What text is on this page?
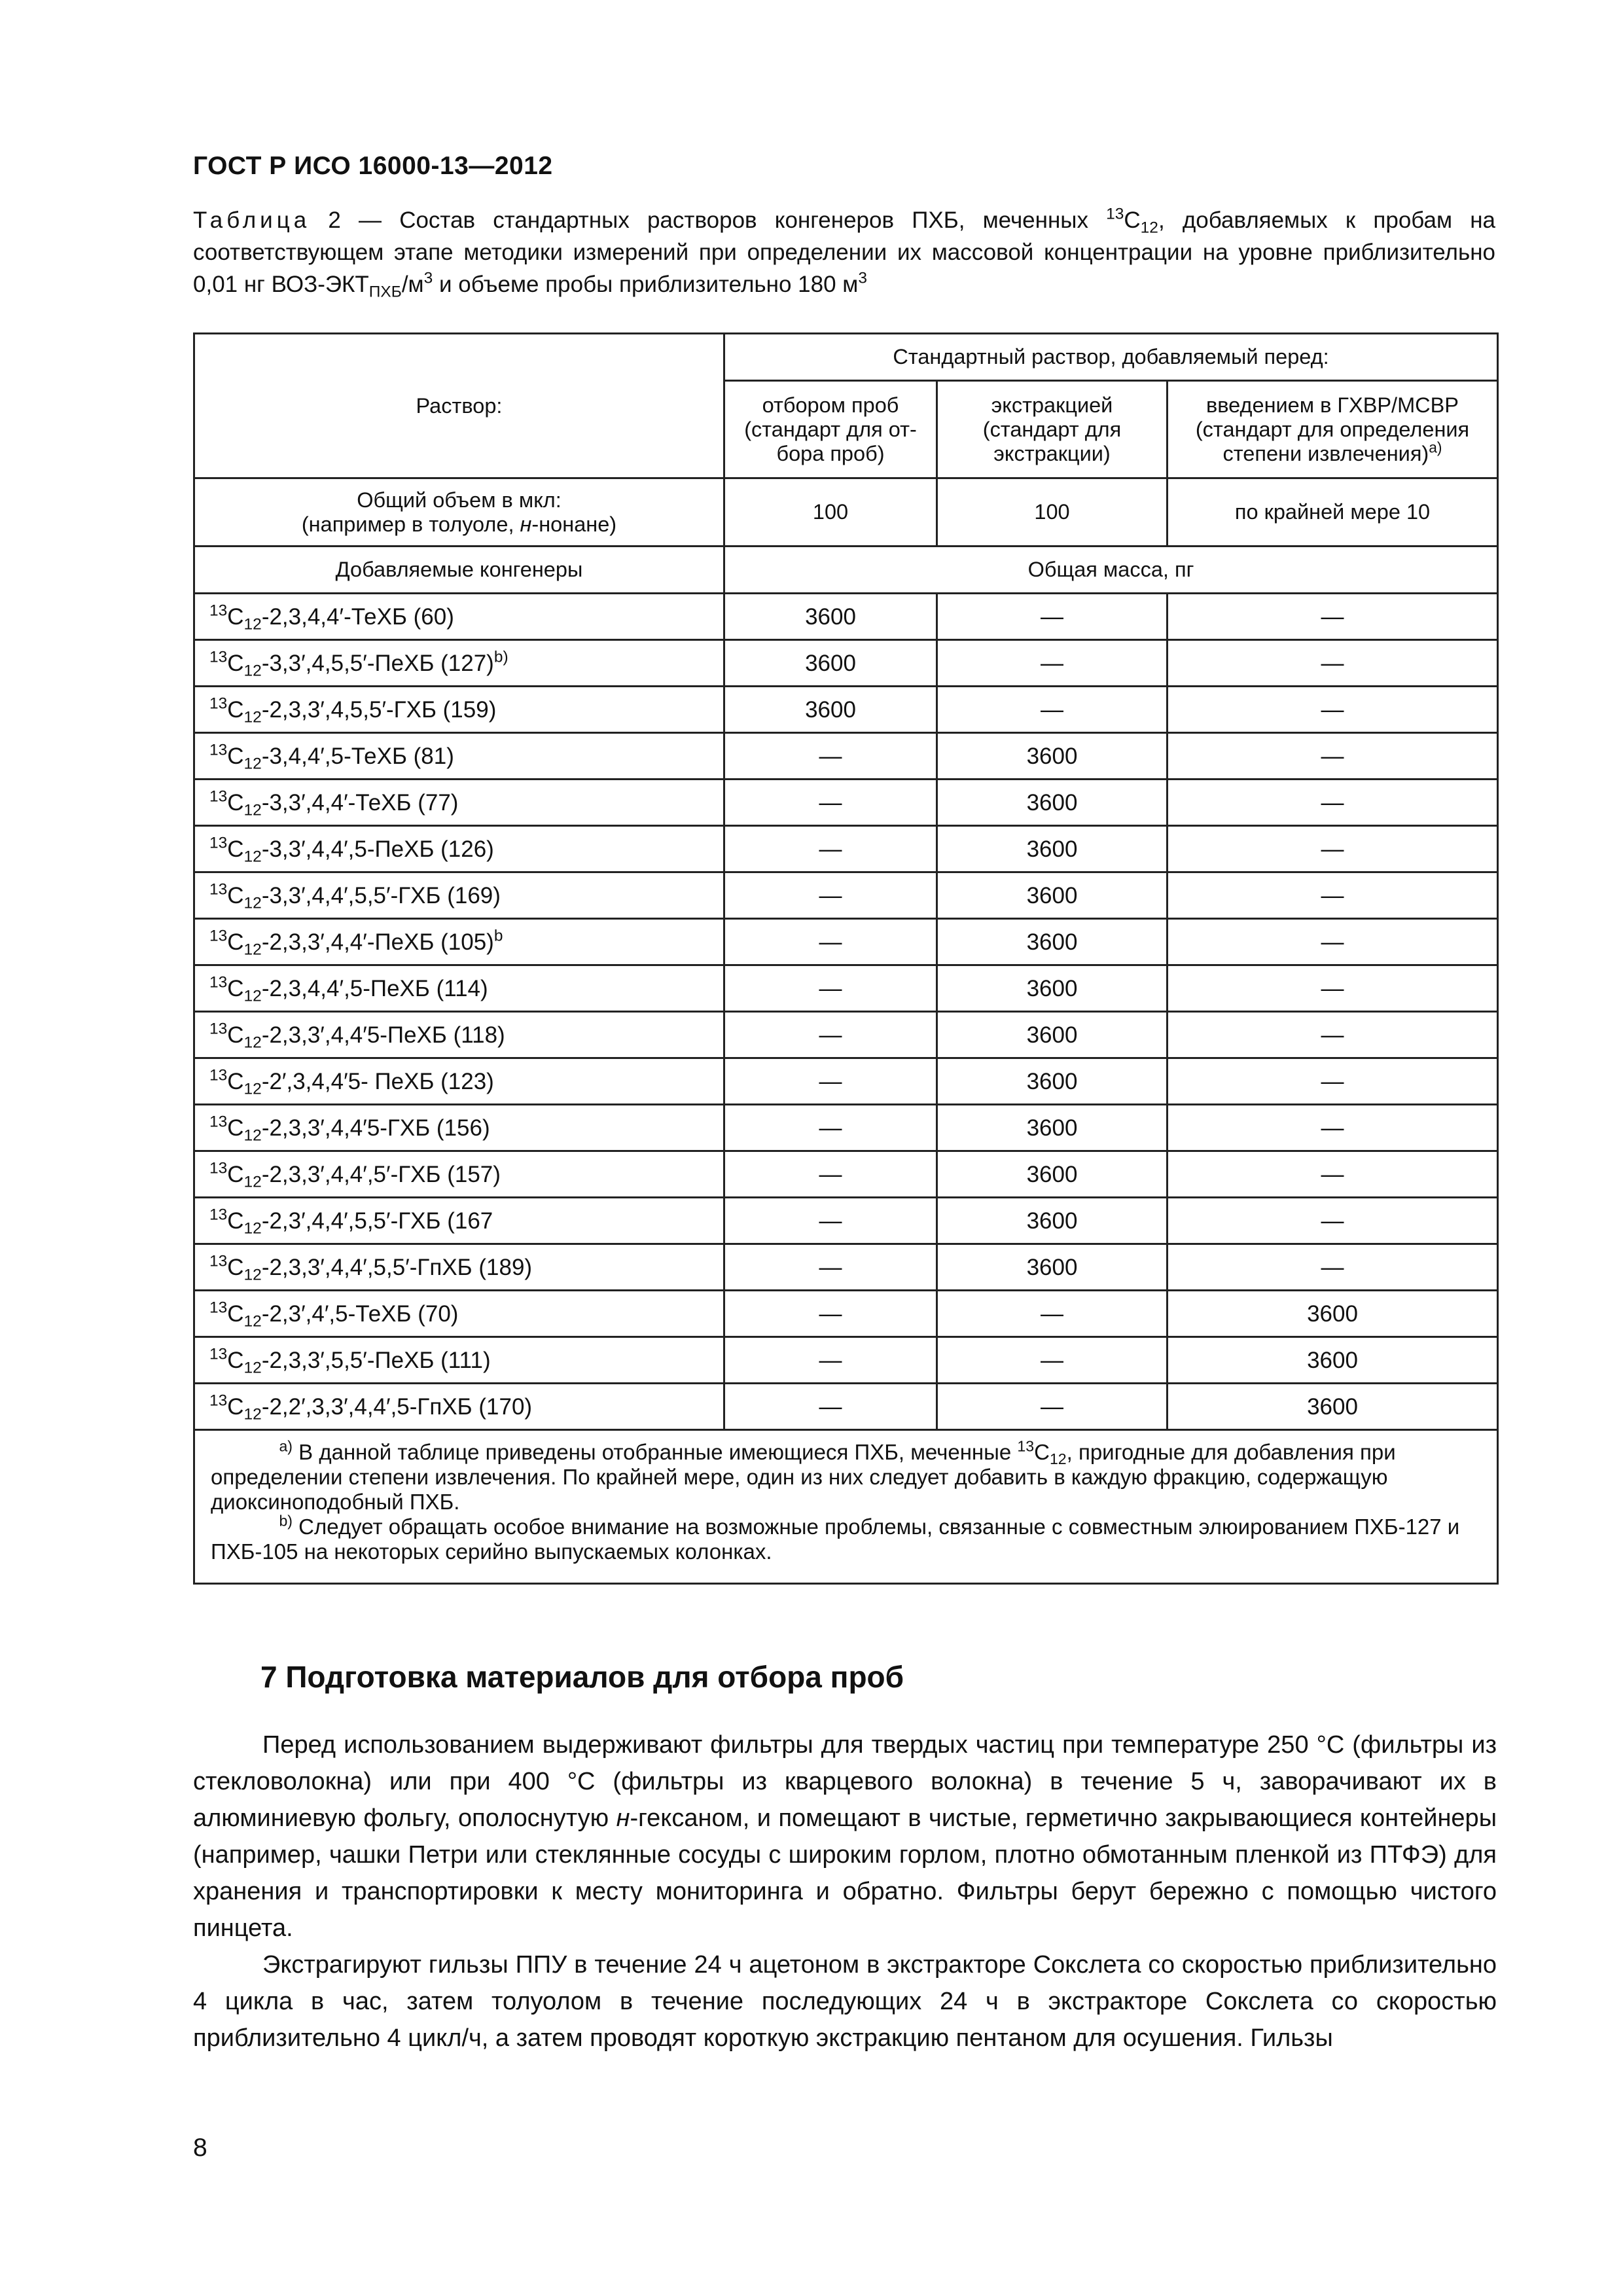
ГОСТ Р ИСО 16000-13—2012
Таблица 2 — Состав стандартных растворов конгенеров ПХБ, меченных $^{13}C_{12}$, добавляемых к пробам на соответствующем этапе методики измерений при определении их массовой концентрации на уровне приблизительно 0,01 нг ВОЗ-$ЭКТ_{ПХБ}/м^3$ и объеме пробы приблизительно 180 $м^3$
Раствор:	Стандартный раствор, добавляемый перед:		
	отбором проб (стандарт для от-бора проб)	экстракцией (стандарт для экстракции)	введением в ГХВР/МСВР (стандарт для определения степени извлечения)$^{a)}$
Общий объем в мкл:
(например в толуоле, н-нонане)	100	100	по крайней мере 10
Добавляемые конгенеры	Общая масса, пг		
$^{13}C_{12}-2,3,4,4'$-ТеХБ (60)	3600	—	—
$^{13}C_{12}-3,3',4,5,5'$-ПеХБ $(127)^{b)}$	3600	—	—
$^{13}C_{12}-2,3,3',4,5,5'$-ГХБ (159)	3600	—	—
$^{13}C_{12}-3,4,4',5$-ТеХБ (81)	—	3600	—
$^{13}C_{12}-3,3',4,4'$-ТеХБ (77)	—	3600	—
$^{13}C_{12}-3,3',4,4',5$-ПеХБ (126)	—	3600	—
$^{13}C_{12}-3,3',4,4',5,5'$-ГХБ (169)	—	3600	—
$^{13}C_{12}-2,3,3',4,4'$-ПеХБ $(105)^b$	—	3600	—
$^{13}C_{12}-2,3,4,4',5$-ПеХБ (114)	—	3600	—
$^{13}C_{12}-2,3,3',4,4'5$-ПеХБ (118)	—	3600	—
$^{13}C_{12}-2',3,4,4'5-$ ПеХБ (123)	—	3600	—
$^{13}C_{12}-2,3,3',4,4'5$-ГХБ (156)	—	3600	—
$^{13}C_{12}-2,3,3',4,4',5'$-ГХБ (157)	—	3600	—
$^{13}C_{12}-2,3',4,4',5,5'$-ГХБ (167	—	3600	—
$^{13}C_{12}-2,3,3',4,4',5,5'$-ГпХБ (189)	—	3600	—
$^{13}C_{12}-2,3',4',5$-ТеХБ (70)	—	—	3600
$^{13}C_{12}-2,3,3',5,5'$-ПеХБ (111)	—	—	3600
$^{13}C_{12}-2,2',3,3',4,4',5$-ГпХБ (170)	—	—	3600

$^{a)}$ В данной таблице приведены отобранные имеющиеся ПХБ, меченные $^{13}C_{12}$, пригодные для добавления при определении степени извлечения. По крайней мере, один из них следует добавить в каждую фракцию, содержащую диоксиноподобный ПХБ.
$^{b)}$ Следует обращать особое внимание на возможные проблемы, связанные с совместным элюированием ПХБ-127 и ПХБ-105 на некоторых серийно выпускаемых колонках.			
7 Подготовка материалов для отбора проб
Перед использованием выдерживают фильтры для твердых частиц при температуре 250 °С (фильтры из стекловолокна) или при 400 °С (фильтры из кварцевого волокна) в течение 5 ч, заворачивают их в алюминиевую фольгу, ополоснутую н-гексаном, и помещают в чистые, герметично закрывающиеся контейнеры (например, чашки Петри или стеклянные сосуды с широким горлом, плотно обмотанным пленкой из ПТФЭ) для хранения и транспортировки к месту мониторинга и обратно. Фильтры берут бережно с помощью чистого пинцета.
Экстрагируют гильзы ППУ в течение 24 ч ацетоном в экстракторе Сокслета со скоростью приблизительно 4 цикла в час, затем толуолом в течение последующих 24 ч в экстракторе Сокслета со скоростью приблизительно 4 цикл/ч, а затем проводят короткую экстракцию пентаном для осушения. Гильзы
8
